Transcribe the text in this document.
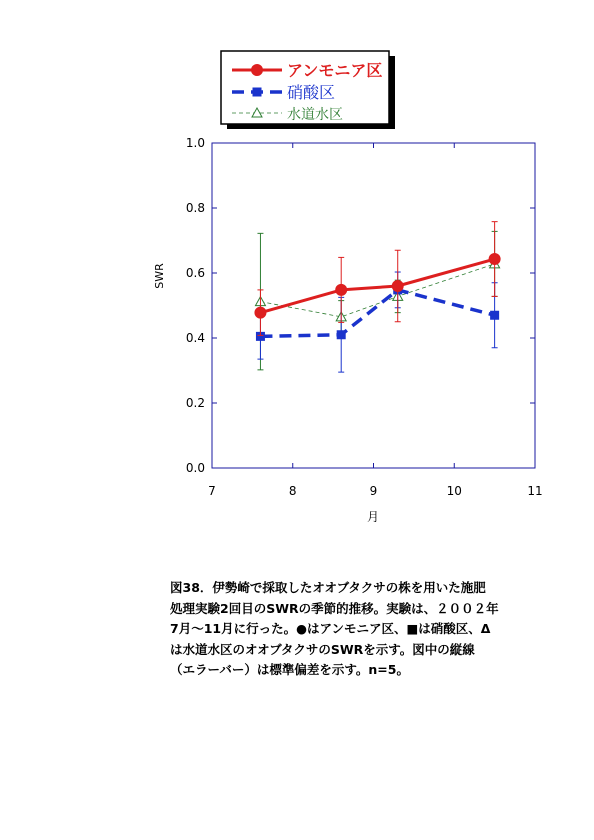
アンモニア区
硝酸区
水道水区
7	8	9	10	11
0.0
0.2
0.4
0.6
0.8
1.0
SWR
月
図38．伊勢崎で採取したオオブタクサの株を用いた施肥
処理実験2回目のSWRの季節的推移。実験は、２００２年
7月～11月に行った。●はアンモニア区、■は硝酸区、Δ
は水道水区のオオブタクサのSWRを示す。図中の縦線
（エラーバー）は標準偏差を示す。n=5。
